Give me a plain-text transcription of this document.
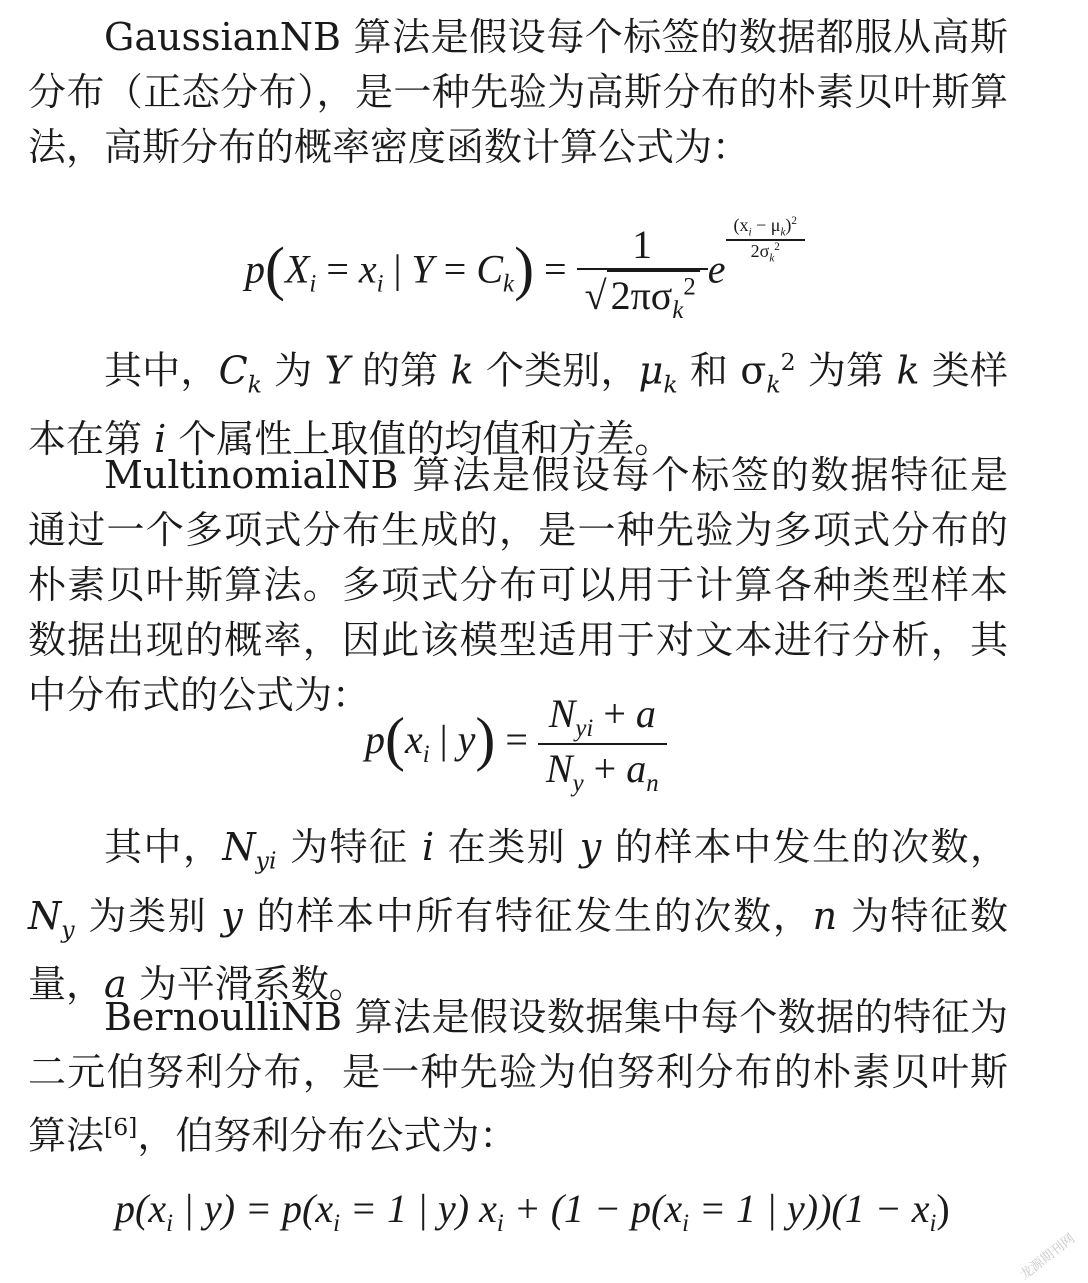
GaussianNB 算法是假设每个标签的数据都服从高斯分布（正态分布），是一种先验为高斯分布的朴素贝叶斯算法，高斯分布的概率密度函数计算公式为：

$p(X_i = x_i$ | $Y = C_k) = \frac{1}{√ 2\pi\sigma_k^2}$ e
$\frac{(x_i - \mu_k)^2}{2\sigma_k^2}$

其中，$C_k$ 为 Y 的第 k 个类别，$\mu_k$ 和 $\sigma_k^2$ 为第 k 类样本在第 i 个属性上取值的均值和方差。

MultinomialNB 算法是假设每个标签的数据特征是通过一个多项式分布生成的，是一种先验为多项式分布的朴素贝叶斯算法。多项式分布可以用于计算各种类型样本数据出现的概率，因此该模型适用于对文本进行分析，其中分布式的公式为：

$p(x_i$ | $y) = \frac{N_{yi} + a}{N_y + a_n}$

其中，$N_{yi}$ 为特征 i 在类别 y 的样本中发生的次数，$N_y$ 为类别 y 的样本中所有特征发生的次数，n 为特征数量，a 为平滑系数。

BernoulliNB 算法是假设数据集中每个数据的特征为二元伯努利分布，是一种先验为伯努利分布的朴素贝叶斯算法[6]，伯努利分布公式为：

$p(x_i$ | $y) = p(x_i = 1$ | y) $x_i + (1 - p(x_i = 1$ | $y))(1 - x_i)$
龙源期刊网
